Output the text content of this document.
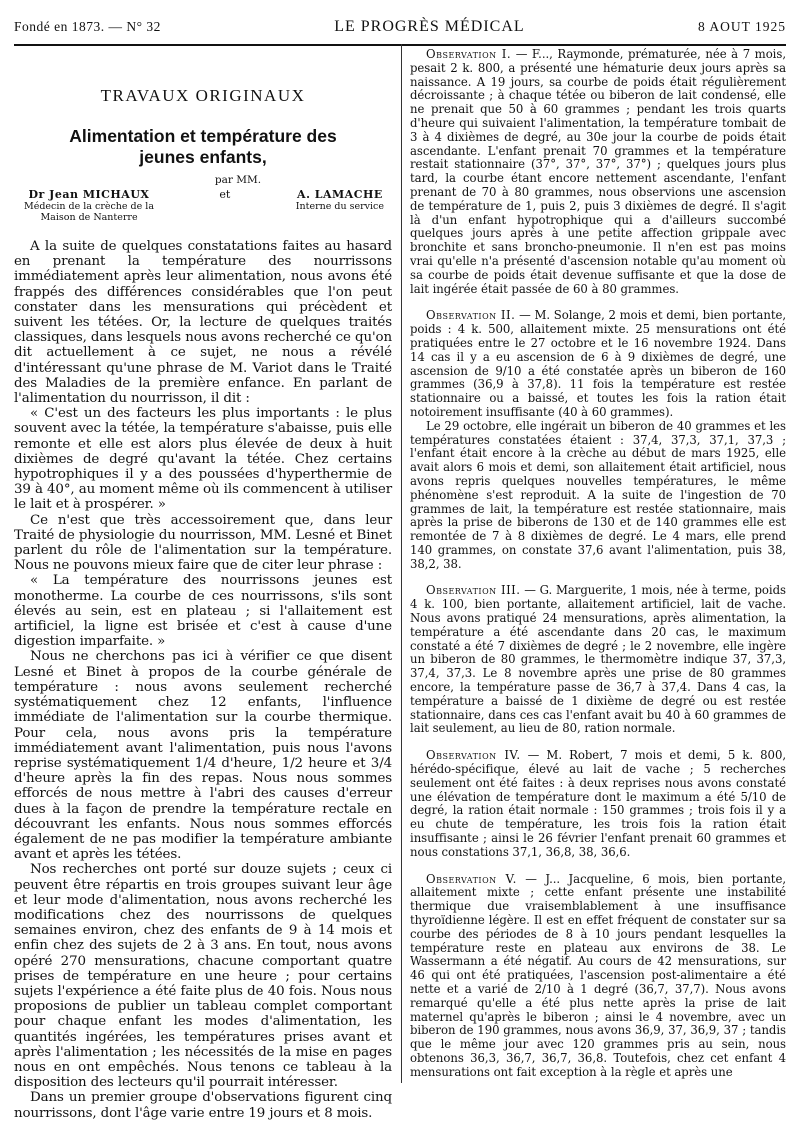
Fondé en 1873. — N° 32	LE PROGRÈS MÉDICAL	8 AOUT 1925
TRAVAUX ORIGINAUX
Alimentation et température des
jeunes enfants,
par MM.
Dr Jean MICHAUX
Médecin de la crèche de la
Maison de Nanterre
et	A. LAMACHE
Interne du service

A la suite de quelques constatations faites au hasard en prenant la température des nourrissons immédiatement après leur alimentation, nous avons été frappés des différences considérables que l'on peut constater dans les mensurations qui précèdent et suivent les tétées. Or, la lecture de quelques traités classiques, dans lesquels nous avons recherché ce qu'on dit actuellement à ce sujet, ne nous a révélé d'intéressant qu'une phrase de M. Variot dans le Traité des Maladies de la première enfance. En parlant de l'alimentation du nourrisson, il dit :

« C'est un des facteurs les plus importants : le plus souvent avec la tétée, la température s'abaisse, puis elle remonte et elle est alors plus élevée de deux à huit dixièmes de degré qu'avant la tétée. Chez certains hypotrophiques il y a des poussées d'hyperthermie de 39 à 40°, au moment même où ils commencent à utiliser le lait et à prospérer. »

Ce n'est que très accessoirement que, dans leur Traité de physiologie du nourrisson, MM. Lesné et Binet parlent du rôle de l'alimentation sur la température. Nous ne pouvons mieux faire que de citer leur phrase :

« La température des nourrissons jeunes est monotherme. La courbe de ces nourrissons, s'ils sont élevés au sein, est en plateau ; si l'allaitement est artificiel, la ligne est brisée et c'est à cause d'une digestion imparfaite. »

Nous ne cherchons pas ici à vérifier ce que disent Lesné et Binet à propos de la courbe générale de température : nous avons seulement recherché systématiquement chez 12 enfants, l'influence immédiate de l'alimentation sur la courbe thermique. Pour cela, nous avons pris la température immédiatement avant l'alimentation, puis nous l'avons reprise systématiquement 1/4 d'heure, 1/2 heure et 3/4 d'heure après la fin des repas. Nous nous sommes efforcés de nous mettre à l'abri des causes d'erreur dues à la façon de prendre la température rectale en découvrant les enfants. Nous nous sommes efforcés également de ne pas modifier la température ambiante avant et après les tétées.

Nos recherches ont porté sur douze sujets ; ceux ci peuvent être répartis en trois groupes suivant leur âge et leur mode d'alimentation, nous avons recherché les modifications chez des nourrissons de quelques semaines environ, chez des enfants de 9 à 14 mois et enfin chez des sujets de 2 à 3 ans. En tout, nous avons opéré 270 mensurations, chacune comportant quatre prises de température en une heure ; pour certains sujets l'expérience a été faite plus de 40 fois. Nous nous proposions de publier un tableau complet comportant pour chaque enfant les modes d'alimentation, les quantités ingérées, les températures prises avant et après l'alimentation ; les nécessités de la mise en pages nous en ont empêchés. Nous tenons ce tableau à la disposition des lecteurs qu'il pourrait intéresser.

Dans un premier groupe d'observations figurent cinq nourrissons, dont l'âge varie entre 19 jours et 8 mois.

Observation I. — F..., Raymonde, prématurée, née à 7 mois, pesait 2 k. 800, a présenté une hématurie deux jours après sa naissance. A 19 jours, sa courbe de poids était régulièrement décroissante ; à chaque tétée ou biberon de lait condensé, elle ne prenait que 50 à 60 grammes ; pendant les trois quarts d'heure qui suivaient l'alimentation, la température tombait de 3 à 4 dixièmes de degré, au 30e jour la courbe de poids était ascendante. L'enfant prenait 70 grammes et la température restait stationnaire (37°, 37°, 37°, 37°) ; quelques jours plus tard, la courbe étant encore nettement ascendante, l'enfant prenant de 70 à 80 grammes, nous observions une ascension de température de 1, puis 2, puis 3 dixièmes de degré. Il s'agit là d'un enfant hypotrophique qui a d'ailleurs succombé quelques jours après à une petite affection grippale avec bronchite et sans broncho-pneumonie. Il n'en est pas moins vrai qu'elle n'a présenté d'ascension notable qu'au moment où sa courbe de poids était devenue suffisante et que la dose de lait ingérée était passée de 60 à 80 grammes.

Observation II. — M. Solange, 2 mois et demi, bien portante, poids : 4 k. 500, allaitement mixte. 25 mensurations ont été pratiquées entre le 27 octobre et le 16 novembre 1924. Dans 14 cas il y a eu ascension de 6 à 9 dixièmes de degré, une ascension de 9/10 a été constatée après un biberon de 160 grammes (36,9 à 37,8). 11 fois la température est restée stationnaire ou a baissé, et toutes les fois la ration était notoirement insuffisante (40 à 60 grammes).

Le 29 octobre, elle ingérait un biberon de 40 grammes et les températures constatées étaient : 37,4, 37,3, 37,1, 37,3 ; l'enfant était encore à la crèche au début de mars 1925, elle avait alors 6 mois et demi, son allaitement était artificiel, nous avons repris quelques nouvelles températures, le même phénomène s'est reproduit. A la suite de l'ingestion de 70 grammes de lait, la température est restée stationnaire, mais après la prise de biberons de 130 et de 140 grammes elle est remontée de 7 à 8 dixièmes de degré. Le 4 mars, elle prend 140 grammes, on constate 37,6 avant l'alimentation, puis 38, 38,2, 38.

Observation III. — G. Marguerite, 1 mois, née à terme, poids 4 k. 100, bien portante, allaitement artificiel, lait de vache. Nous avons pratiqué 24 mensurations, après alimentation, la température a été ascendante dans 20 cas, le maximum constaté a été 7 dixièmes de degré ; le 2 novembre, elle ingère un biberon de 80 grammes, le thermomètre indique 37, 37,3, 37,4, 37,3. Le 8 novembre après une prise de 80 grammes encore, la température passe de 36,7 à 37,4. Dans 4 cas, la température a baissé de 1 dixième de degré ou est restée stationnaire, dans ces cas l'enfant avait bu 40 à 60 grammes de lait seulement, au lieu de 80, ration normale.

Observation IV. — M. Robert, 7 mois et demi, 5 k. 800, hérédo-spécifique, élevé au lait de vache ; 5 recherches seulement ont été faites : à deux reprises nous avons constaté une élévation de température dont le maximum a été 5/10 de degré, la ration était normale : 150 grammes ; trois fois il y a eu chute de température, les trois fois la ration était insuffisante ; ainsi le 26 février l'enfant prenait 60 grammes et nous constations 37,1, 36,8, 38, 36,6.

Observation V. — J... Jacqueline, 6 mois, bien portante, allaitement mixte ; cette enfant présente une instabilité thermique due vraisemblablement à une insuffisance thyroïdienne légère. Il est en effet fréquent de constater sur sa courbe des périodes de 8 à 10 jours pendant lesquelles la température reste en plateau aux environs de 38. Le Wassermann a été négatif. Au cours de 42 mensurations, sur 46 qui ont été pratiquées, l'ascension post-alimentaire a été nette et a varié de 2/10 à 1 degré (36,7, 37,7). Nous avons remarqué qu'elle a été plus nette après la prise de lait maternel qu'après le biberon ; ainsi le 4 novembre, avec un biberon de 190 grammes, nous avons 36,9, 37, 36,9, 37 ; tandis que le même jour avec 120 grammes pris au sein, nous obtenons 36,3, 36,7, 36,7, 36,8. Toutefois, chez cet enfant 4 mensurations ont fait exception à la règle et après une
